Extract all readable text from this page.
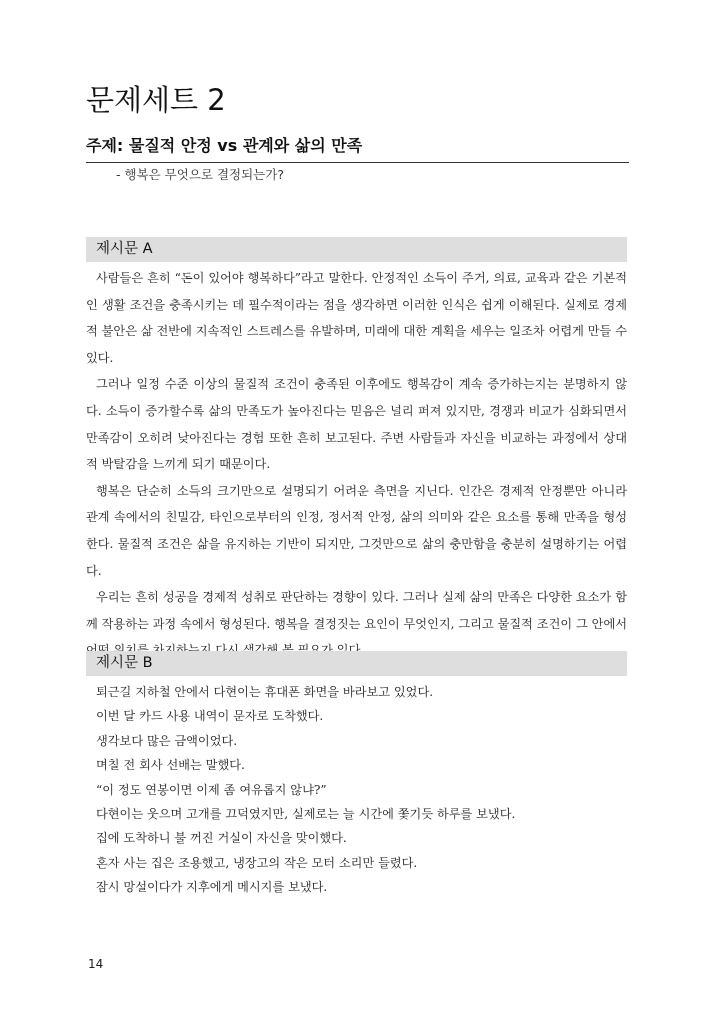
문제세트 2
주제: 물질적 안정 vs 관계와 삶의 만족
- 행복은 무엇으로 결정되는가?
제시문 A

사람들은 흔히 “돈이 있어야 행복하다”라고 말한다. 안정적인 소득이 주거, 의료, 교육과 같은 기본적인 생활 조건을 충족시키는 데 필수적이라는 점을 생각하면 이러한 인식은 쉽게 이해된다. 실제로 경제적 불안은 삶 전반에 지속적인 스트레스를 유발하며, 미래에 대한 계획을 세우는 일조차 어렵게 만들 수 있다.

그러나 일정 수준 이상의 물질적 조건이 충족된 이후에도 행복감이 계속 증가하는지는 분명하지 않다. 소득이 증가할수록 삶의 만족도가 높아진다는 믿음은 널리 퍼져 있지만, 경쟁과 비교가 심화되면서 만족감이 오히려 낮아진다는 경험 또한 흔히 보고된다. 주변 사람들과 자신을 비교하는 과정에서 상대적 박탈감을 느끼게 되기 때문이다.

행복은 단순히 소득의 크기만으로 설명되기 어려운 측면을 지닌다. 인간은 경제적 안정뿐만 아니라 관계 속에서의 친밀감, 타인으로부터의 인정, 정서적 안정, 삶의 의미와 같은 요소를 통해 만족을 형성한다. 물질적 조건은 삶을 유지하는 기반이 되지만, 그것만으로 삶의 충만함을 충분히 설명하기는 어렵다.

우리는 흔히 성공을 경제적 성취로 판단하는 경향이 있다. 그러나 실제 삶의 만족은 다양한 요소가 함께 작용하는 과정 속에서 형성된다. 행복을 결정짓는 요인이 무엇인지, 그리고 물질적 조건이 그 안에서

제시문 B

퇴근길 지하철 안에서 다현이는 휴대폰 화면을 바라보고 있었다.

이번 달 카드 사용 내역이 문자로 도착했다.

생각보다 많은 금액이었다.

며칠 전 회사 선배는 말했다.

“이 정도 연봉이면 이제 좀 여유롭지 않냐?”

다현이는 웃으며 고개를 끄덕였지만, 실제로는 늘 시간에 쫓기듯 하루를 보냈다.

집에 도착하니 불 꺼진 거실이 자신을 맞이했다.

혼자 사는 집은 조용했고, 냉장고의 작은 모터 소리만 들렸다.

잠시 망설이다가 지후에게 메시지를 보냈다.

14
